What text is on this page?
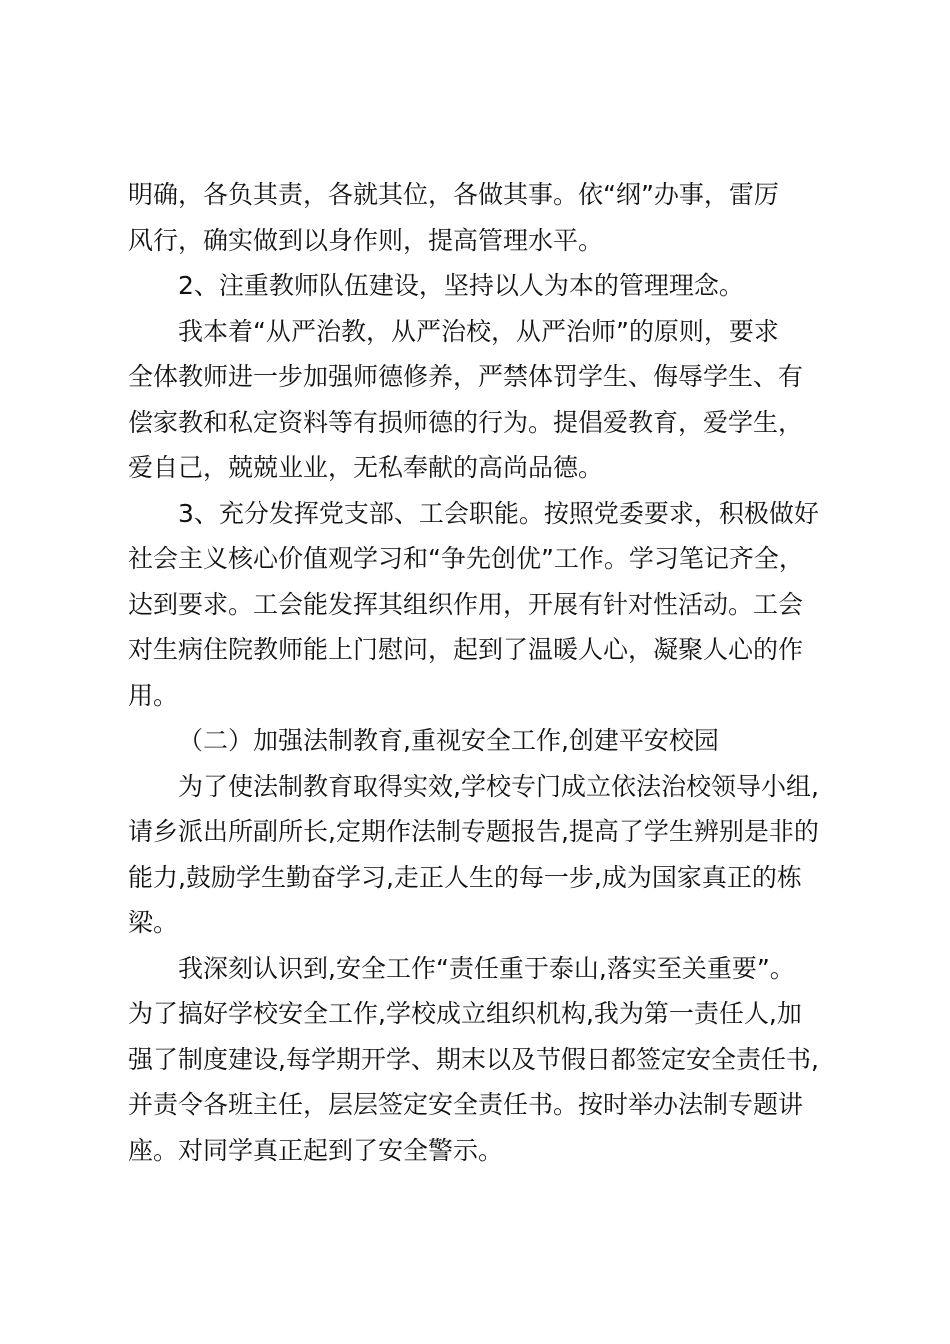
明确，各负其责，各就其位，各做其事。依“纲”办事，雷厉
风行，确实做到以身作则，提高管理水平。
2、注重教师队伍建设，坚持以人为本的管理理念。
我本着“从严治教，从严治校，从严治师”的原则，要求
全体教师进一步加强师德修养，严禁体罚学生、侮辱学生、有
偿家教和私定资料等有损师德的行为。提倡爱教育，爱学生，
爱自己，兢兢业业，无私奉献的高尚品德。
3、充分发挥党支部、工会职能。按照党委要求，积极做好
社会主义核心价值观学习和“争先创优”工作。学习笔记齐全，
达到要求。工会能发挥其组织作用，开展有针对性活动。工会
对生病住院教师能上门慰问，起到了温暖人心，凝聚人心的作
用。
（二）加强法制教育,重视安全工作,创建平安校园
为了使法制教育取得实效,学校专门成立依法治校领导小组,
请乡派出所副所长,定期作法制专题报告,提高了学生辨别是非的
能力,鼓励学生勤奋学习,走正人生的每一步,成为国家真正的栋
梁。
我深刻认识到,安全工作“责任重于泰山,落实至关重要”。
为了搞好学校安全工作,学校成立组织机构,我为第一责任人,加
强了制度建设,每学期开学、期末以及节假日都签定安全责任书,
并责令各班主任，层层签定安全责任书。按时举办法制专题讲
座。对同学真正起到了安全警示。
